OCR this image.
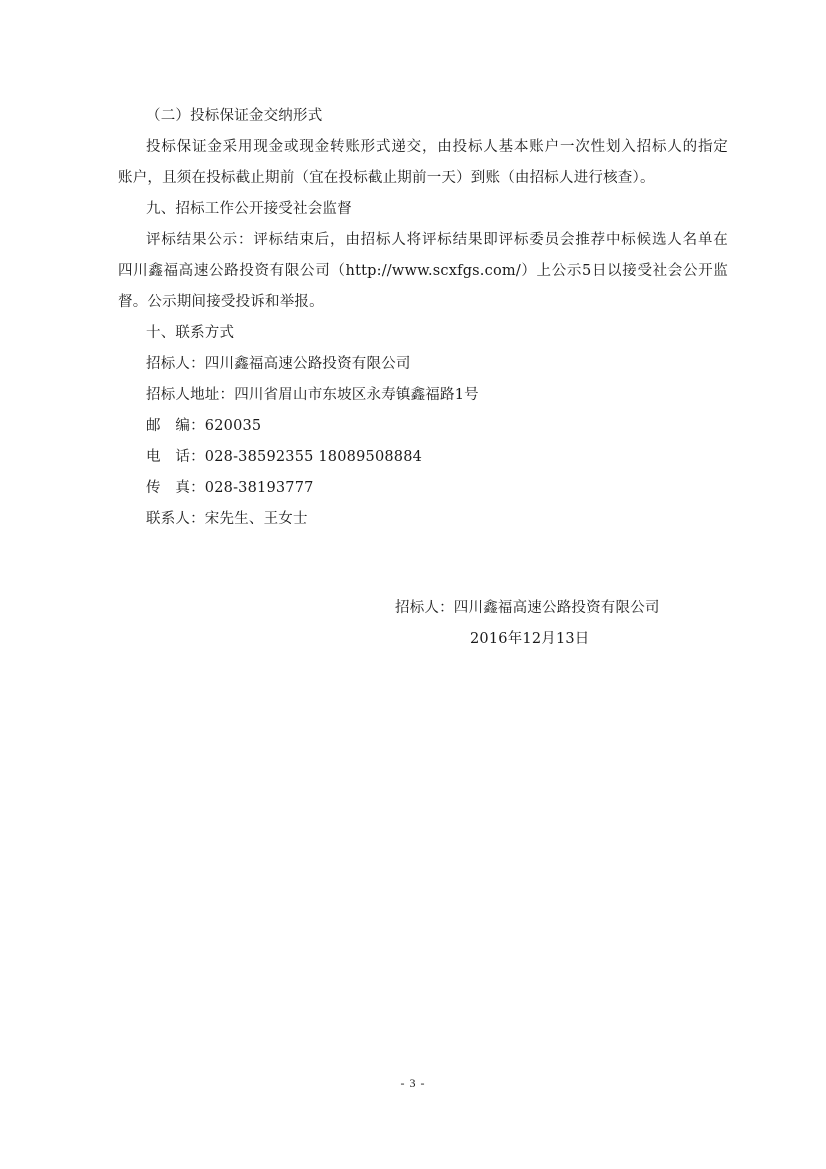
（二）投标保证金交纳形式
投标保证金采用现金或现金转账形式递交，由投标人基本账户一次性划入招标人的指定
账户，且须在投标截止期前（宜在投标截止期前一天）到账（由招标人进行核查）。
九、招标工作公开接受社会监督
评标结果公示：评标结束后，由招标人将评标结果即评标委员会推荐中标候选人名单在
四川鑫福高速公路投资有限公司（http://www.scxfgs.com/）上公示5日以接受社会公开监
督。公示期间接受投诉和举报。
十、联系方式
招标人：四川鑫福高速公路投资有限公司
招标人地址：四川省眉山市东坡区永寿镇鑫福路1号
邮　编：620035
电　话：028-38592355 18089508884
传　真：028-38193777
联系人：宋先生、王女士
招标人：四川鑫福高速公路投资有限公司
2016年12月13日
- 3 -
